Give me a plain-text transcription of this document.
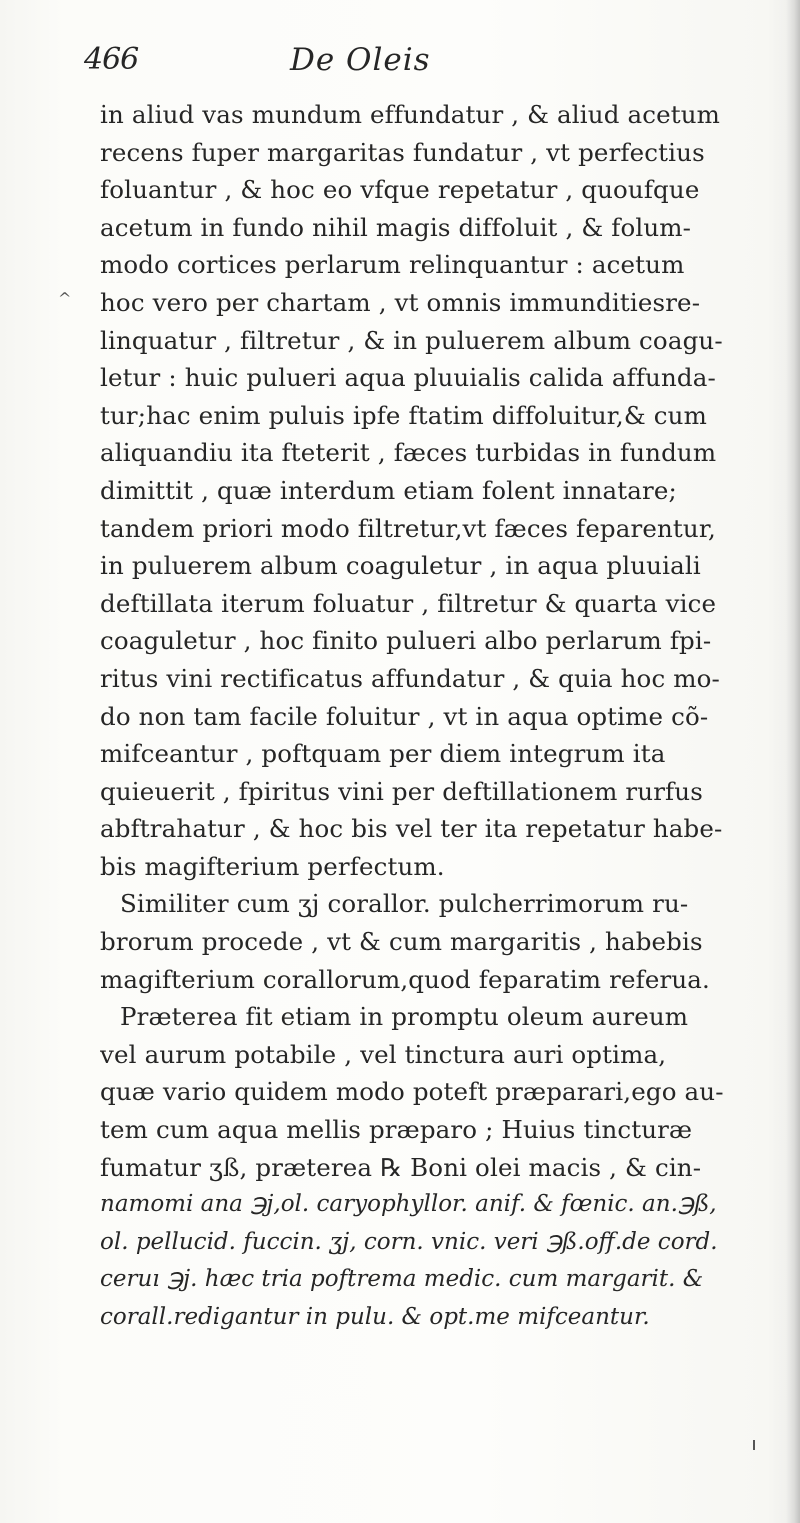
466	De Oleis
^
in aliud vas mundum effundatur , & aliud acetum
recens fuper margaritas fundatur , vt perfectius
foluantur , & hoc eo vfque repetatur , quoufque
acetum in fundo nihil magis diffoluit , & folum-
modo cortices perlarum relinquantur : acetum
hoc vero per chartam , vt omnis immunditiesre-
linquatur , filtretur , & in puluerem album coagu-
letur : huic pulueri aqua pluuialis calida affunda-
tur;hac enim puluis ipfe ftatim diffoluitur,& cum
aliquandiu ita fteterit , fæces turbidas in fundum
dimittit , quæ interdum etiam folent innatare;
tandem priori modo filtretur,vt fæces feparentur,
in puluerem album coaguletur , in aqua pluuiali
deftillata iterum foluatur , filtretur & quarta vice
coaguletur , hoc finito pulueri albo perlarum fpi-
ritus vini rectificatus affundatur , & quia hoc mo-
do non tam facile foluitur , vt in aqua optime cõ-
mifceantur , poftquam per diem integrum ita
quieuerit , fpiritus vini per deftillationem rurfus
abftrahatur , & hoc bis vel ter ita repetatur habe-
bis magifterium perfectum.
Similiter cum ʒj corallor. pulcherrimorum ru-
brorum procede , vt & cum margaritis , habebis
magifterium corallorum,quod feparatim referua.
Præterea fit etiam in promptu oleum aureum
vel aurum potabile , vel tinctura auri optima,
quæ vario quidem modo poteft præparari,ego au-
tem cum aqua mellis præparo ; Huius tincturæ
fumatur ʒß, præterea ℞ Boni olei macis , & cin-
namomi ana ℈j,ol. caryophyllor. anif. & fœnic. an.℈ß,
ol. pellucid. fuccin. ʒj, corn. vnic. veri ℈ß.off.de cord.
ceruı ℈j. hæc tria poftrema medic. cum margarit. &
corall.redigantur in pulu. & opt.me mifceantur.
